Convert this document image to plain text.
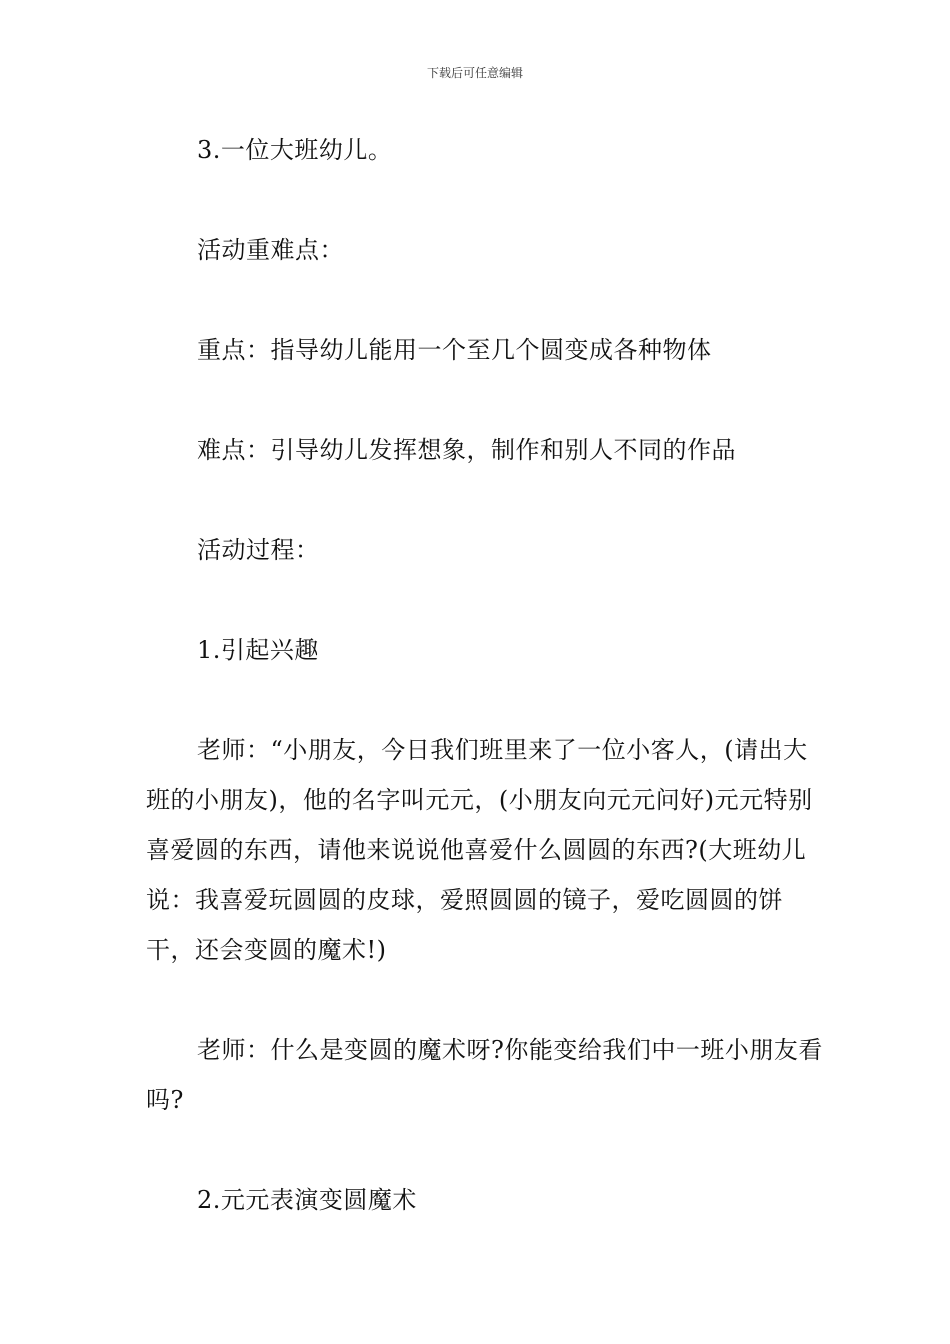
下载后可任意编辑

3.一位大班幼儿。

活动重难点：

重点：指导幼儿能用一个至几个圆变成各种物体

难点：引导幼儿发挥想象，制作和别人不同的作品

活动过程：

1.引起兴趣

老师：“小朋友，今日我们班里来了一位小客人，(请出大班的小朋友)，他的名字叫元元，(小朋友向元元问好)元元特别喜爱圆的东西，请他来说说他喜爱什么圆圆的东西?(大班幼儿说：我喜爱玩圆圆的皮球，爱照圆圆的镜子，爱吃圆圆的饼干，还会变圆的魔术!)

老师：什么是变圆的魔术呀?你能变给我们中一班小朋友看吗?

2.元元表演变圆魔术
